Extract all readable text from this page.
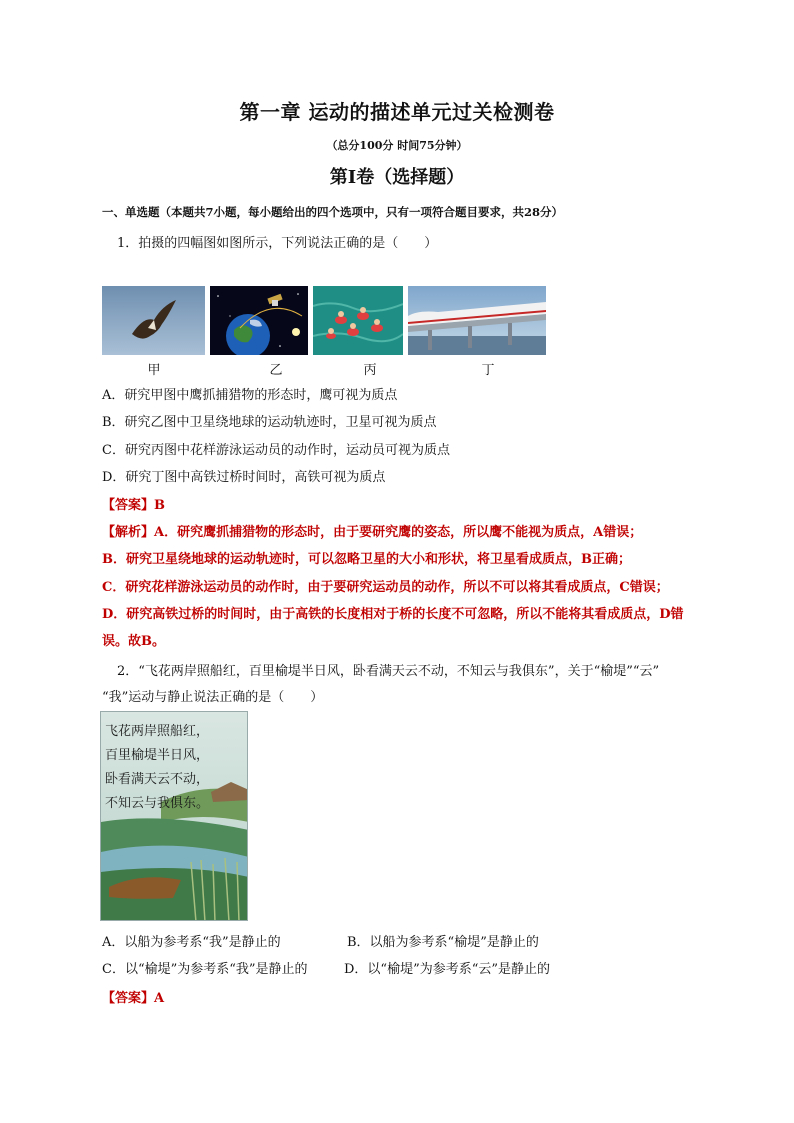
第一章 运动的描述单元过关检测卷
（总分100分 时间75分钟）
第Ⅰ卷（选择题）
一、单选题（本题共7小题，每小题给出的四个选项中，只有一项符合题目要求，共28分）
1．拍摄的四幅图如图所示，下列说法正确的是（　　）
甲	乙	丙	丁
A．研究甲图中鹰抓捕猎物的形态时，鹰可视为质点
B．研究乙图中卫星绕地球的运动轨迹时，卫星可视为质点
C．研究丙图中花样游泳运动员的动作时，运动员可视为质点
D．研究丁图中高铁过桥时间时，高铁可视为质点
【答案】B
【解析】A．研究鹰抓捕猎物的形态时，由于要研究鹰的姿态，所以鹰不能视为质点，A错误；
B．研究卫星绕地球的运动轨迹时，可以忽略卫星的大小和形状，将卫星看成质点，B正确；
C．研究花样游泳运动员的动作时，由于要研究运动员的动作，所以不可以将其看成质点，C错误；
D．研究高铁过桥的时间时，由于高铁的长度相对于桥的长度不可忽略，所以不能将其看成质点，D错
误。故B。
2．“飞花两岸照船红，百里榆堤半日风，卧看满天云不动，不知云与我俱东”，关于“榆堤”“云”
“我”运动与静止说法正确的是（　　）
飞花两岸照船红，
百里榆堤半日风，
卧看满天云不动，
不知云与我俱东。
A．以船为参考系“我”是静止的	B．以船为参考系“榆堤”是静止的
C．以“榆堤”为参考系“我”是静止的	D．以“榆堤”为参考系“云”是静止的
【答案】A
